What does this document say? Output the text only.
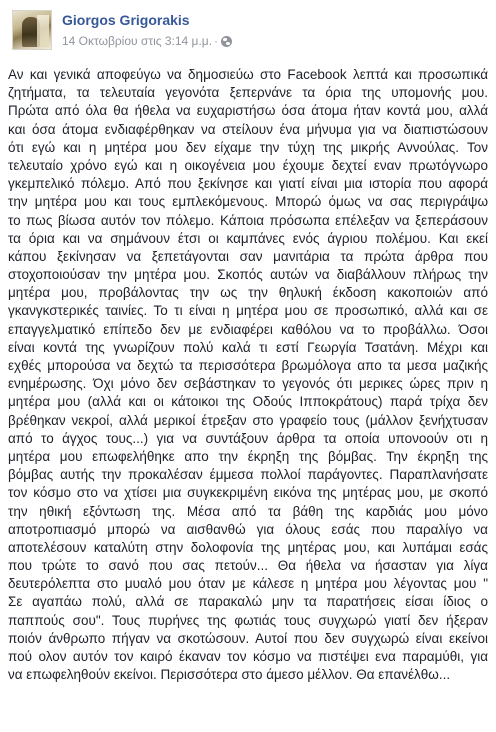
Giorgos Grigorakis
14 Οκτωβρίου στις 3:14 μ.μ. ·
Αν και γενικά αποφεύγω να δημοσιεύω στο Facebook λεπτά και προσωπικά
ζητήματα, τα τελευταία γεγονότα ξεπερνάνε τα όρια της υπομονής μου.
Πρώτα από όλα θα ήθελα να ευχαριστήσω όσα άτομα ήταν κοντά μου, αλλά
και όσα άτομα ενδιαφέρθηκαν να στείλουν ένα μήνυμα για να διαπιστώσουν
ότι εγώ και η μητέρα μου δεν είχαμε την τύχη της μικρής Αννούλας. Τον
τελευταίο χρόνο εγώ και η οικογένεια μου έχουμε δεχτεί εναν πρωτόγνωρο
γκεμπελικό πόλεμο. Από που ξεκίνησε και γιατί είναι μια ιστορία που αφορά
την μητέρα μου και τους εμπλεκόμενους. Μπορώ όμως να σας περιγράψω
το πως βίωσα αυτόν τον πόλεμο. Κάποια πρόσωπα επέλεξαν να ξεπεράσουν
τα όρια και να σημάνουν έτσι οι καμπάνες ενός άγριου πολέμου. Και εκεί
κάπου ξεκίνησαν να ξεπετάγονται σαν μανιτάρια τα πρώτα άρθρα που
στοχοποιούσαν την μητέρα μου. Σκοπός αυτών να διαβάλλουν πλήρως την
μητέρα μου, προβάλοντας την ως την θηλυκή έκδοση κακοποιών από
γκανγκστερικές ταινίες. Το τι είναι η μητέρα μου σε προσωπικό, αλλά και σε
επαγγελματικό επίπεδο δεν με ενδιαφέρει καθόλου να το προβάλλω. Όσοι
είναι κοντά της γνωρίζουν πολύ καλά τι εστί Γεωργία Τσατάνη. Μέχρι και
εχθές μπορούσα να δεχτώ τα περισσότερα βρωμόλογα απο τα μεσα μαζικής
ενημέρωσης. Όχι μόνο δεν σεβάστηκαν το γεγονός ότι μερικες ώρες πριν η
μητέρα μου (αλλά και οι κάτοικοι της Οδούς Ιπποκράτους) παρά τρίχα δεν
βρέθηκαν νεκροί, αλλά μερικοί έτρεξαν στο γραφείο τους (μάλλον ξενήχτυσαν
από το άγχος τους...) για να συντάξουν άρθρα τα οποία υπονοούν οτι η
μητέρα μου επωφελήθηκε απο την έκρηξη της βόμβας. Την έκρηξη της
βόμβας αυτής την προκαλέσαν έμμεσα πολλοί παράγοντες. Παραπλανήσατε
τον κόσμο στο να χτίσει μια συγκεκριμένη εικόνα της μητέρας μου, με σκοπό
την ηθική εξόντωση της. Μέσα από τα βάθη της καρδιάς μου μόνο
αποτροπιασμό μπορώ να αισθανθώ για όλους εσάς που παραλίγο να
αποτελέσουν καταλύτη στην δολοφονία της μητέρας μου, και λυπάμαι εσάς
που τρώτε το σανό που σας πετούν... Θα ήθελα να ήσασταν για λίγα
δευτερόλεπτα στο μυαλό μου όταν με κάλεσε η μητέρα μου λέγοντας μου "
Σε αγαπάω πολύ, αλλά σε παρακαλώ μην τα παρατήσεις είσαι ίδιος ο
παππούς σου". Τους πυρήνες της φωτιάς τους συγχωρώ γιατί δεν ήξεραν
ποιόν άνθρωπο πήγαν να σκοτώσουν. Αυτοί που δεν συγχωρώ είναι εκείνοι
πού ολον αυτόν τον καιρό έκαναν τον κόσμο να πιστέψει ενα παραμύθι, για
να επωφεληθούν εκείνοι. Περισσότερα στο άμεσο μέλλον. Θα επανέλθω...
